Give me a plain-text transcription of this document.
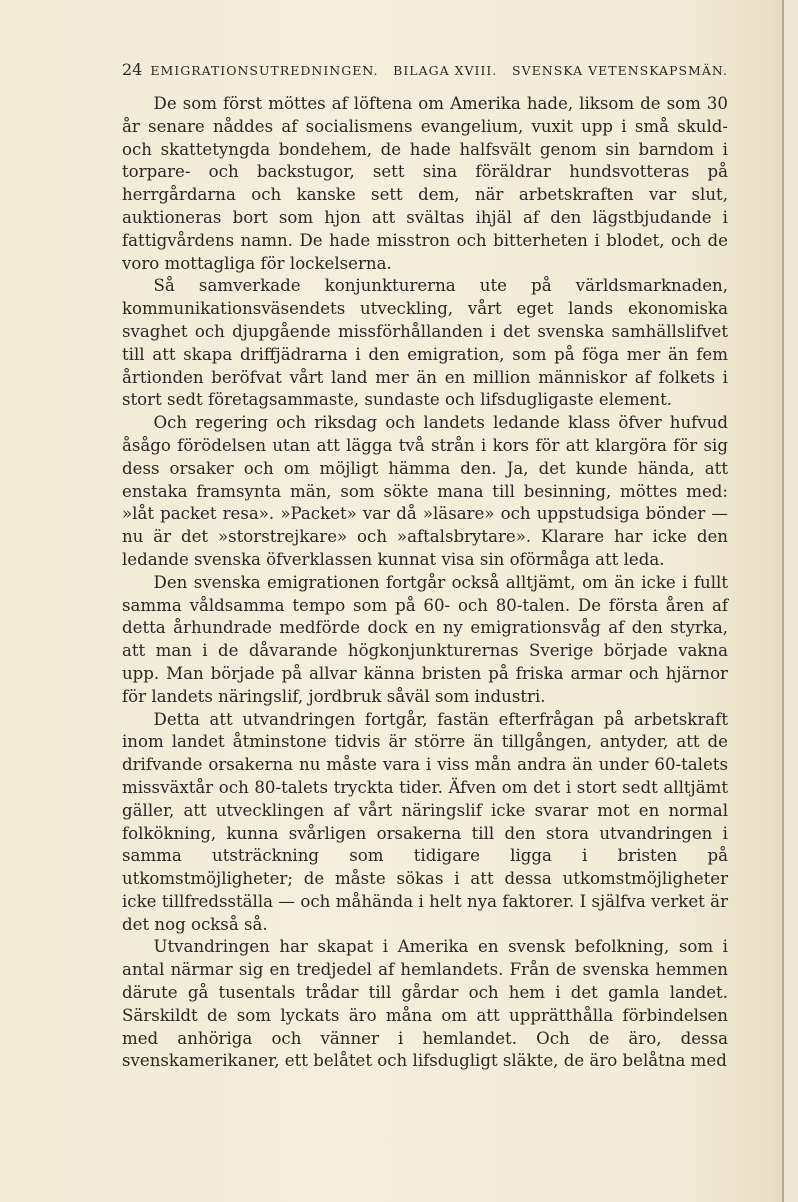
24 EMIGRATIONSUTREDNINGEN. BILAGA XVIII. SVENSKA VETENSKAPSMÄN.

De som först möttes af löftena om Amerika hade, liksom de som 30 år senare nåddes af socialismens evangelium, vuxit upp i små skuld- och skattetyngda bondehem, de hade halfsvält genom sin barndom i torpare- och backstugor, sett sina föräldrar hundsvotteras på herrgårdarna och kanske sett dem, när arbetskraften var slut, auktioneras bort som hjon att svältas ihjäl af den lägstbjudande i fattigvårdens namn. De hade misstron och bitterheten i blodet, och de voro mottagliga för lockelserna.

Så samverkade konjunkturerna ute på världsmarknaden, kommunikationsväsendets utveckling, vårt eget lands ekonomiska svaghet och djupgående missförhållanden i det svenska samhällslifvet till att skapa driffjädrarna i den emigration, som på föga mer än fem årtionden beröfvat vårt land mer än en million människor af folkets i stort sedt företagsammaste, sundaste och lifsdugligaste element.

Och regering och riksdag och landets ledande klass öfver hufvud åsågo förödelsen utan att lägga två strån i kors för att klargöra för sig dess orsaker och om möjligt hämma den. Ja, det kunde hända, att enstaka framsynta män, som sökte mana till besinning, möttes med: »låt packet resa». »Packet» var då »läsare» och uppstudsiga bönder — nu är det »storstrejkare» och »aftalsbrytare». Klarare har icke den ledande svenska öfverklassen kunnat visa sin oförmåga att leda.

Den svenska emigrationen fortgår också alltjämt, om än icke i fullt samma våldsamma tempo som på 60- och 80-talen. De första åren af detta århundrade medförde dock en ny emigrationsvåg af den styrka, att man i de dåvarande högkonjunkturernas Sverige började vakna upp. Man började på allvar känna bristen på friska armar och hjärnor för landets näringslif, jordbruk såväl som industri.

Detta att utvandringen fortgår, fastän efterfrågan på arbetskraft inom landet åtminstone tidvis är större än tillgången, antyder, att de drifvande orsakerna nu måste vara i viss mån andra än under 60-talets missväxtår och 80-talets tryckta tider. Äfven om det i stort sedt alltjämt gäller, att utvecklingen af vårt näringslif icke svarar mot en normal folkökning, kunna svårligen orsakerna till den stora utvandringen i samma utsträckning som tidigare ligga i bristen på utkomstmöjligheter; de måste sökas i att dessa utkomstmöjligheter icke tillfredsställa — och måhända i helt nya faktorer. I själfva verket är det nog också så.

Utvandringen har skapat i Amerika en svensk befolkning, som i antal närmar sig en tredjedel af hemlandets. Från de svenska hemmen därute gå tusentals trådar till gårdar och hem i det gamla landet. Särskildt de som lyckats äro måna om att upprätthålla förbindelsen med anhöriga och vänner i hemlandet. Och de äro, dessa svenskamerikaner, ett belåtet och lifsdugligt släkte, de äro belåtna med
